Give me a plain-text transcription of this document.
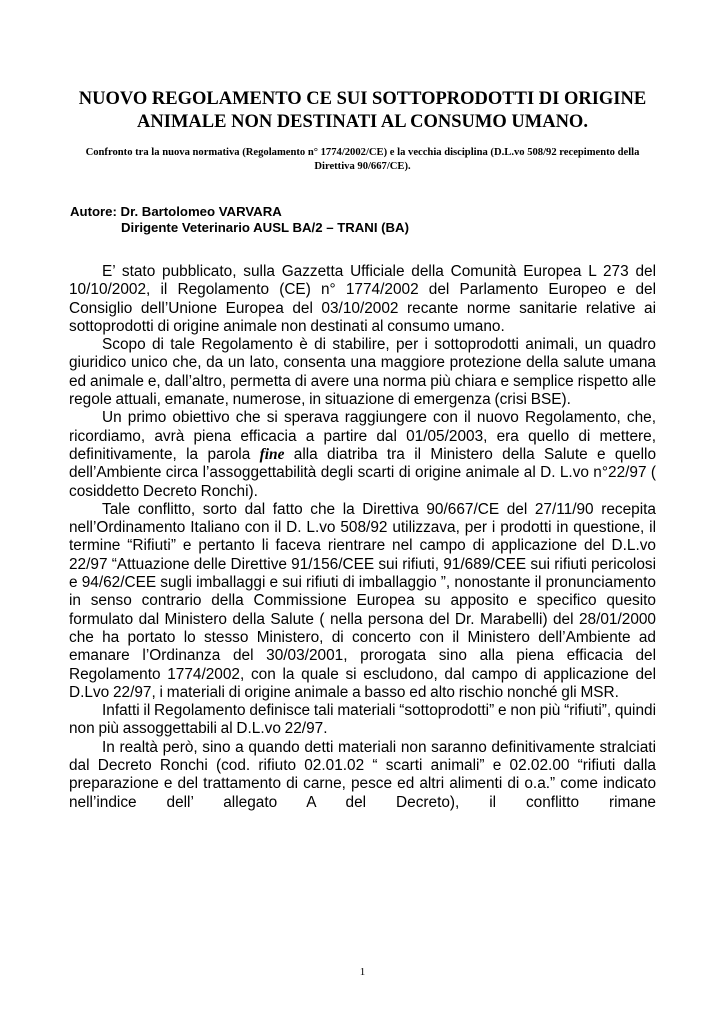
NUOVO REGOLAMENTO CE SUI SOTTOPRODOTTI DI ORIGINE ANIMALE NON DESTINATI AL CONSUMO UMANO.

Confronto tra la nuova normativa (Regolamento n° 1774/2002/CE) e la vecchia disciplina (D.L.vo 508/92 recepimento della Direttiva 90/667/CE).

Autore: Dr. Bartolomeo VARVARA

Dirigente Veterinario AUSL BA/2 – TRANI (BA)

E’ stato pubblicato, sulla Gazzetta Ufficiale della Comunità Europea L 273 del 10/10/2002, il Regolamento (CE) n° 1774/2002 del Parlamento Europeo e del Consiglio dell’Unione Europea del 03/10/2002 recante norme sanitarie relative ai sottoprodotti di origine animale non destinati al consumo umano.

Scopo di tale Regolamento è di stabilire, per i sottoprodotti animali, un quadro giuridico unico che, da un lato, consenta una maggiore protezione della salute umana ed animale e, dall’altro, permetta di avere una norma più chiara e semplice rispetto alle regole attuali, emanate, numerose, in situazione di emergenza (crisi BSE).

Un primo obiettivo che si sperava raggiungere con il nuovo Regolamento, che, ricordiamo, avrà piena efficacia a partire dal 01/05/2003, era quello di mettere, definitivamente, la parola fine alla diatriba tra il Ministero della Salute e quello dell’Ambiente circa l’assoggettabilità degli scarti di origine animale al D. L.vo n°22/97 ( cosiddetto Decreto Ronchi).

Tale conflitto, sorto dal fatto che la Direttiva 90/667/CE del 27/11/90 recepita nell’Ordinamento Italiano con il D. L.vo 508/92 utilizzava, per i prodotti in questione, il termine “Rifiuti” e pertanto li faceva rientrare nel campo di applicazione del D.L.vo 22/97 “Attuazione delle Direttive 91/156/CEE sui rifiuti, 91/689/CEE sui rifiuti pericolosi e 94/62/CEE sugli imballaggi e sui rifiuti di imballaggio ”, nonostante il pronunciamento in senso contrario della Commissione Europea su apposito e specifico quesito formulato dal Ministero della Salute ( nella persona del Dr. Marabelli) del 28/01/2000 che ha portato lo stesso Ministero, di concerto con il Ministero dell’Ambiente ad emanare l’Ordinanza del 30/03/2001, prorogata sino alla piena efficacia del Regolamento 1774/2002, con la quale si escludono, dal campo di applicazione del D.Lvo 22/97, i materiali di origine animale a basso ed alto rischio nonché gli MSR.

Infatti il Regolamento definisce tali materiali “sottoprodotti” e non più “rifiuti”, quindi non più assoggettabili al D.L.vo 22/97.

In realtà però, sino a quando detti materiali non saranno definitivamente stralciati dal Decreto Ronchi (cod. rifiuto 02.01.02 “ scarti animali” e 02.02.00 “rifiuti dalla preparazione e del trattamento di carne, pesce ed altri alimenti di o.a.” come indicato nell’indice dell’ allegato A del Decreto), il conflitto rimane

1
